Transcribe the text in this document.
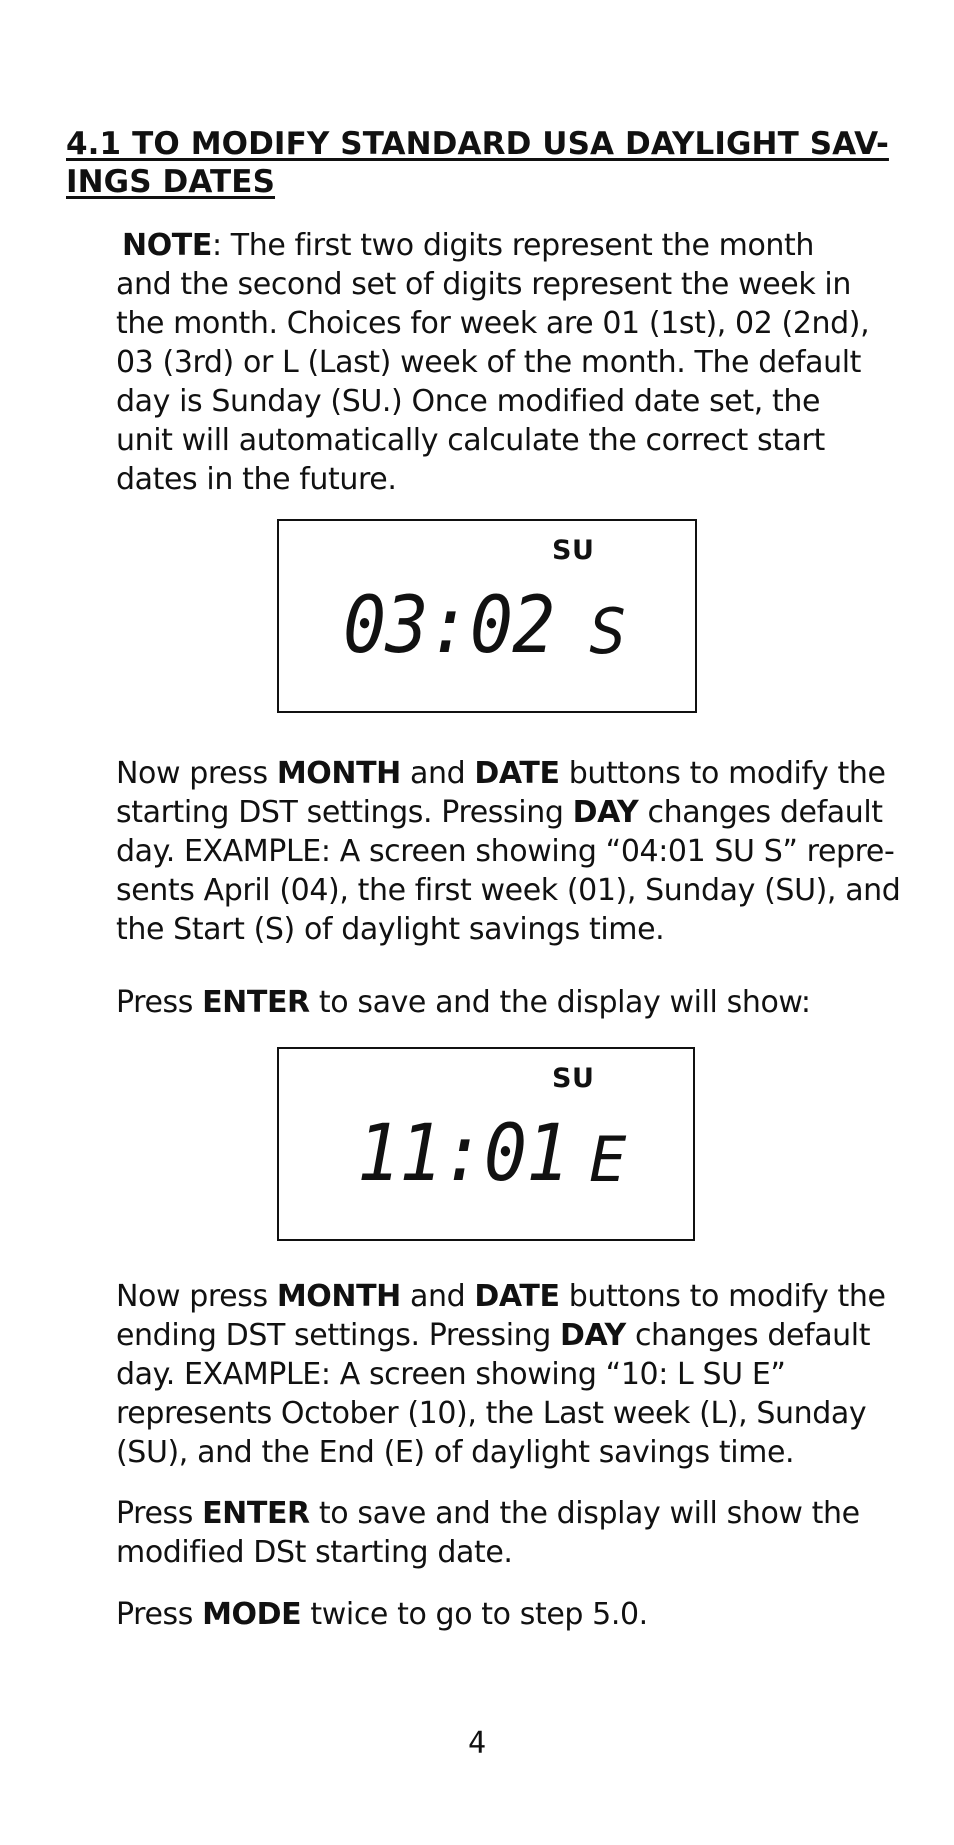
4.1 TO MODIFY STANDARD USA DAYLIGHT SAV-
INGS DATES

NOTE: The first two digits represent the month and the second set of digits represent the week in the month. Choices for week are 01 (1st), 02 (2nd), 03 (3rd) or L (Last) week of the month. The default day is Sunday (SU.) Once modified date set, the unit will automatically calculate the correct start dates in the future.

SU
03:02 S

Now press MONTH and DATE buttons to modify the starting DST settings. Pressing DAY changes default day. EXAMPLE: A screen showing “04:01 SU S” repre-sents April (04), the first week (01), Sunday (SU), and the Start (S) of daylight savings time.

Press ENTER to save and the display will show:

SU
11:01 E

Now press MONTH and DATE buttons to modify the ending DST settings. Pressing DAY changes default day. EXAMPLE: A screen showing “10: L SU E” represents October (10), the Last week (L), Sunday (SU), and the End (E) of daylight savings time.

Press ENTER to save and the display will show the modified DSt starting date.

Press MODE twice to go to step 5.0.

4
